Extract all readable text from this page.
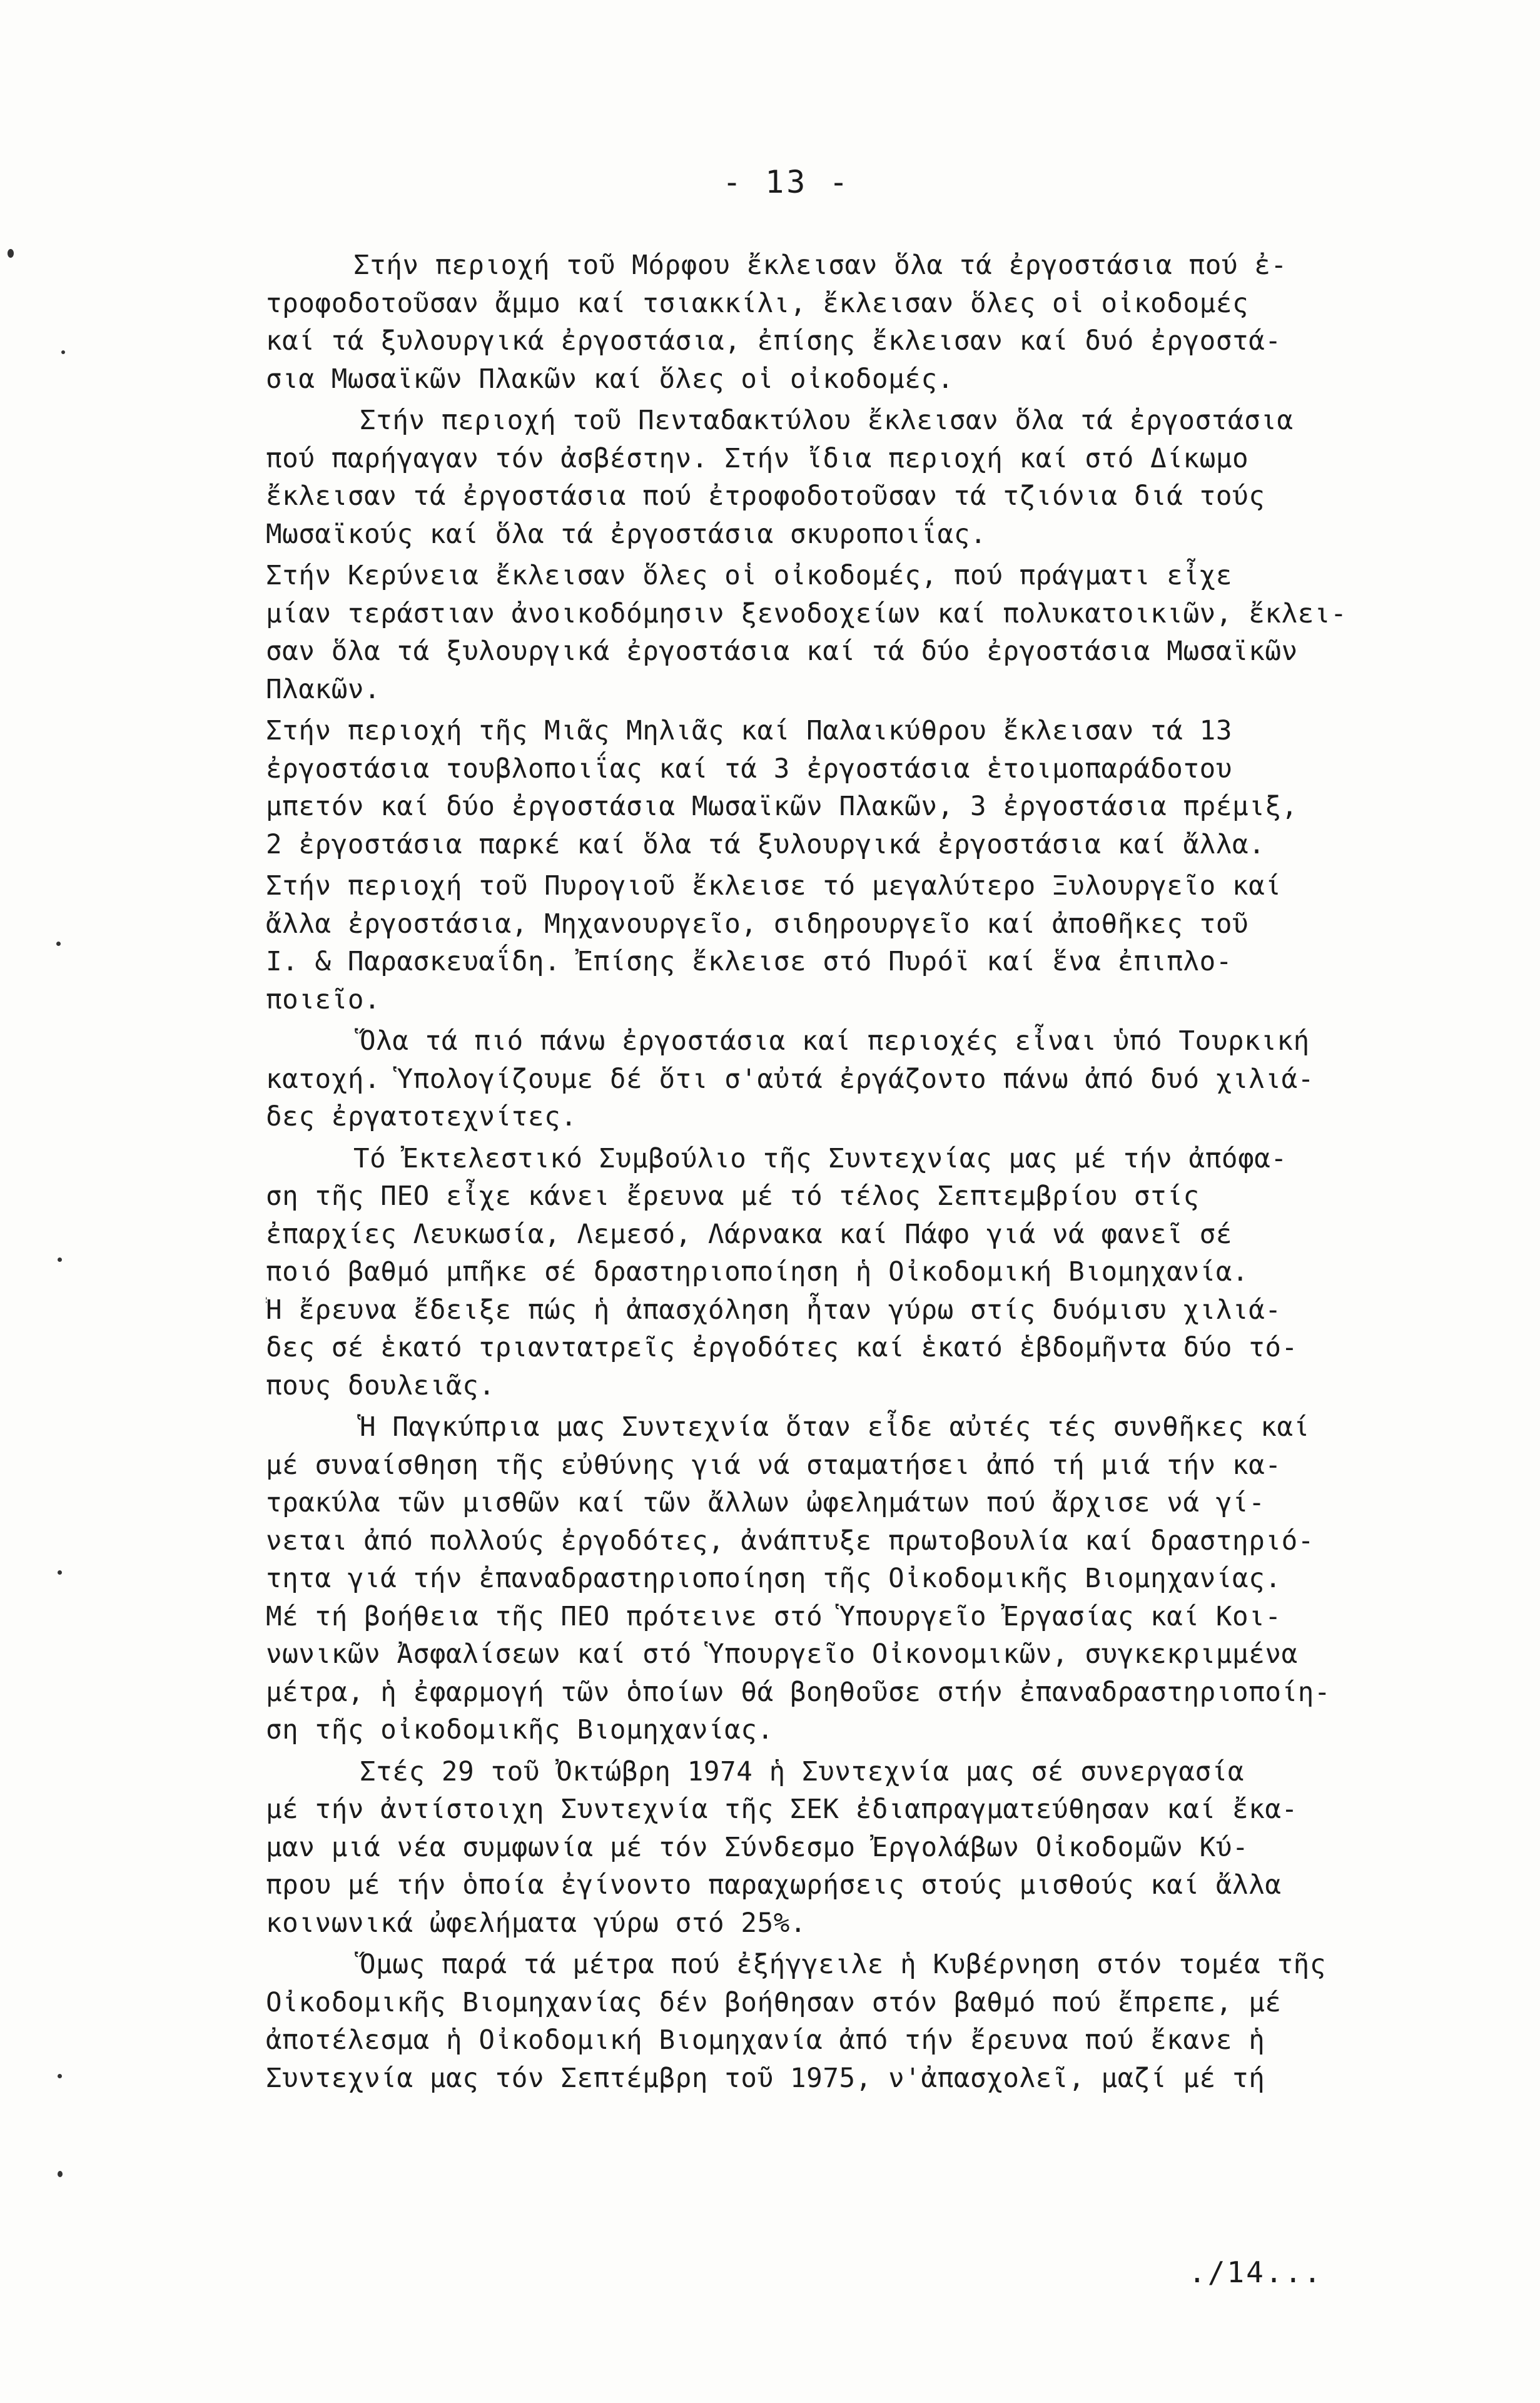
- 13 -
Στήν περιοχή τοῦ Μόρφου ἔκλεισαν ὅλα τά ἐργοστάσια πού ἐ-
τροφοδοτοῦσαν ἄμμο καί τσιακκίλι, ἔκλεισαν ὅλες οἱ οἰκοδομές
καί τά ξυλουργικά ἐργοστάσια, ἐπίσης ἔκλεισαν καί δυό ἐργοστά-
σια Μωσαϊκῶν Πλακῶν καί ὅλες οἱ οἰκοδομές.
Στήν περιοχή τοῦ Πενταδακτύλου ἔκλεισαν ὅλα τά ἐργοστάσια
πού παρήγαγαν τόν ἀσβέστην. Στήν ἴδια περιοχή καί στό Δίκωμο
ἔκλεισαν τά ἐργοστάσια πού ἐτροφοδοτοῦσαν τά τζιόνια διά τούς
Μωσαϊκούς καί ὅλα τά ἐργοστάσια σκυροποιΐας.
Στήν Κερύνεια ἔκλεισαν ὅλες οἱ οἰκοδομές, πού πράγματι εἶχε
μίαν τεράστιαν ἀνοικοδόμησιν ξενοδοχείων καί πολυκατοικιῶν, ἔκλει-
σαν ὅλα τά ξυλουργικά ἐργοστάσια καί τά δύο ἐργοστάσια Μωσαϊκῶν
Πλακῶν.
Στήν περιοχή τῆς Μιᾶς Μηλιᾶς καί Παλαικύθρου ἔκλεισαν τά 13
ἐργοστάσια τουβλοποιΐας καί τά 3 ἐργοστάσια ἑτοιμοπαράδοτου
μπετόν καί δύο ἐργοστάσια Μωσαϊκῶν Πλακῶν, 3 ἐργοστάσια πρέμιξ,
2 ἐργοστάσια παρκέ καί ὅλα τά ξυλουργικά ἐργοστάσια καί ἄλλα.
Στήν περιοχή τοῦ Πυρογιοῦ ἔκλεισε τό μεγαλύτερο Ξυλουργεῖο καί
ἄλλα ἐργοστάσια, Μηχανουργεῖο, σιδηρουργεῖο καί ἀποθῆκες τοῦ
Ι. & Παρασκευαΐδη. Ἐπίσης ἔκλεισε στό Πυρόϊ καί ἕνα ἐπιπλο-
ποιεῖο.
Ὅλα τά πιό πάνω ἐργοστάσια καί περιοχές εἶναι ὑπό Τουρκική
κατοχή. Ὑπολογίζουμε δέ ὅτι σ'αὐτά ἐργάζοντο πάνω ἀπό δυό χιλιά-
δες ἐργατοτεχνίτες.
Τό Ἐκτελεστικό Συμβούλιο τῆς Συντεχνίας μας μέ τήν ἀπόφα-
ση τῆς ΠΕΟ εἶχε κάνει ἔρευνα μέ τό τέλος Σεπτεμβρίου στίς
ἐπαρχίες Λευκωσία, Λεμεσό, Λάρνακα καί Πάφο γιά νά φανεῖ σέ
ποιό βαθμό μπῆκε σέ δραστηριοποίηση ἡ Οἰκοδομική Βιομηχανία.
Ἡ ἔρευνα ἔδειξε πώς ἡ ἀπασχόληση ἦταν γύρω στίς δυόμισυ χιλιά-
δες σέ ἑκατό τριαντατρεῖς ἐργοδότες καί ἑκατό ἑβδομῆντα δύο τό-
πους δουλειᾶς.
Ἡ Παγκύπρια μας Συντεχνία ὅταν εἶδε αὐτές τές συνθῆκες καί
μέ συναίσθηση τῆς εὐθύνης γιά νά σταματήσει ἀπό τή μιά τήν κα-
τρακύλα τῶν μισθῶν καί τῶν ἄλλων ὠφελημάτων πού ἄρχισε νά γί-
νεται ἀπό πολλούς ἐργοδότες, ἀνάπτυξε πρωτοβουλία καί δραστηριό-
τητα γιά τήν ἐπαναδραστηριοποίηση τῆς Οἰκοδομικῆς Βιομηχανίας.
Μέ τή βοήθεια τῆς ΠΕΟ πρότεινε στό Ὑπουργεῖο Ἐργασίας καί Κοι-
νωνικῶν Ἀσφαλίσεων καί στό Ὑπουργεῖο Οἰκονομικῶν, συγκεκριμμένα
μέτρα, ἡ ἐφαρμογή τῶν ὁποίων θά βοηθοῦσε στήν ἐπαναδραστηριοποίη-
ση τῆς οἰκοδομικῆς Βιομηχανίας.
Στές 29 τοῦ Ὀκτώβρη 1974 ἡ Συντεχνία μας σέ συνεργασία
μέ τήν ἀντίστοιχη Συντεχνία τῆς ΣΕΚ ἐδιαπραγματεύθησαν καί ἔκα-
μαν μιά νέα συμφωνία μέ τόν Σύνδεσμο Ἐργολάβων Οἰκοδομῶν Κύ-
πρου μέ τήν ὁποία ἐγίνοντο παραχωρήσεις στούς μισθούς καί ἄλλα
κοινωνικά ὠφελήματα γύρω στό 25%.
Ὅμως παρά τά μέτρα πού ἐξήγγειλε ἡ Κυβέρνηση στόν τομέα τῆς
Οἰκοδομικῆς Βιομηχανίας δέν βοήθησαν στόν βαθμό πού ἔπρεπε, μέ
ἀποτέλεσμα ἡ Οἰκοδομική Βιομηχανία ἀπό τήν ἔρευνα πού ἔκανε ἡ
Συντεχνία μας τόν Σεπτέμβρη τοῦ 1975, ν'ἀπασχολεῖ, μαζί μέ τή
./14...
